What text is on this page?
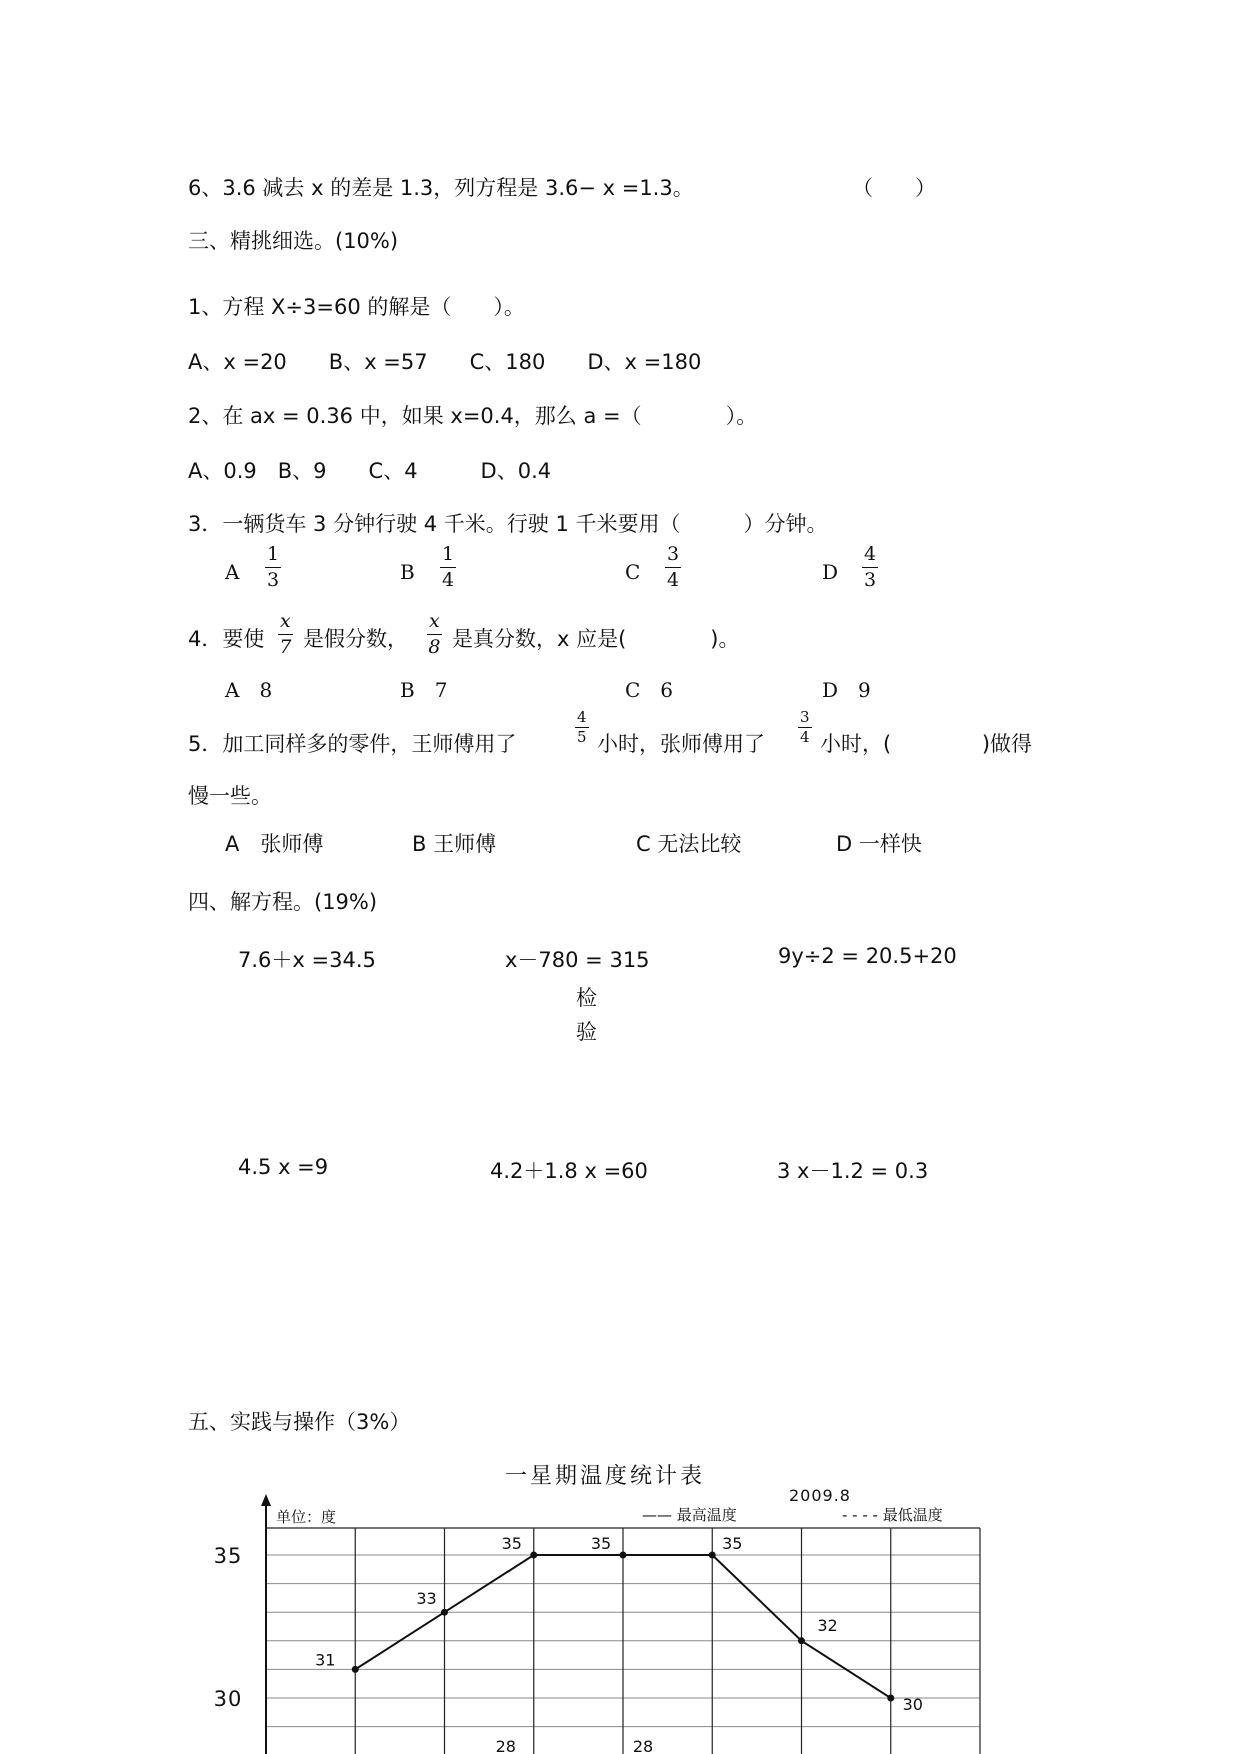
6、3.6 减去 x 的差是 1.3，列方程是 3.6− x =1.3。	（　　）
三、精挑细选。(10%)
1、方程 X÷3=60 的解是（　　）。
A、x =20　　B、x =57　　C、180　　D、x =180
2、在 ax = 0.36 中，如果 x=0.4，那么 a =（　　　　）。
A、0.9　B、9　　C、4　　　D、0.4
3．一辆货车 3 分钟行驶 4 千米。行驶 1 千米要用（　　　）分钟。
A $\frac{1}{3}$	B $\frac{1}{4}$	C $\frac{3}{4}$	D $\frac{4}{3}$
4．要使 $\frac{x}{7}$ 是假分数， $\frac{x}{8}$ 是真分数，x 应是(　　　　)。
A　8	B　7	C　6	D　9
5．加工同样多的零件，王师傅用了	$\frac{4}{5}$ 小时，张师傅用了 $\frac{3}{4}$ 小时，(　　　　 )做得
慢一些。
A　张师傅	B 王师傅	C 无法比较	D 一样快
四、解方程。(19%)
7.6＋x =34.5	x－780 = 315	9y÷2 = 20.5+20
检
验
4.5 x =9	4.2＋1.8 x =60	3 x－1.2 = 0.3
五、实践与操作（3%）
35
30
31
33
35	35	35
32
30
28	28
一星期温度统计表
2009.8
单位：度	—— 最高温度	- - - - 最低温度
